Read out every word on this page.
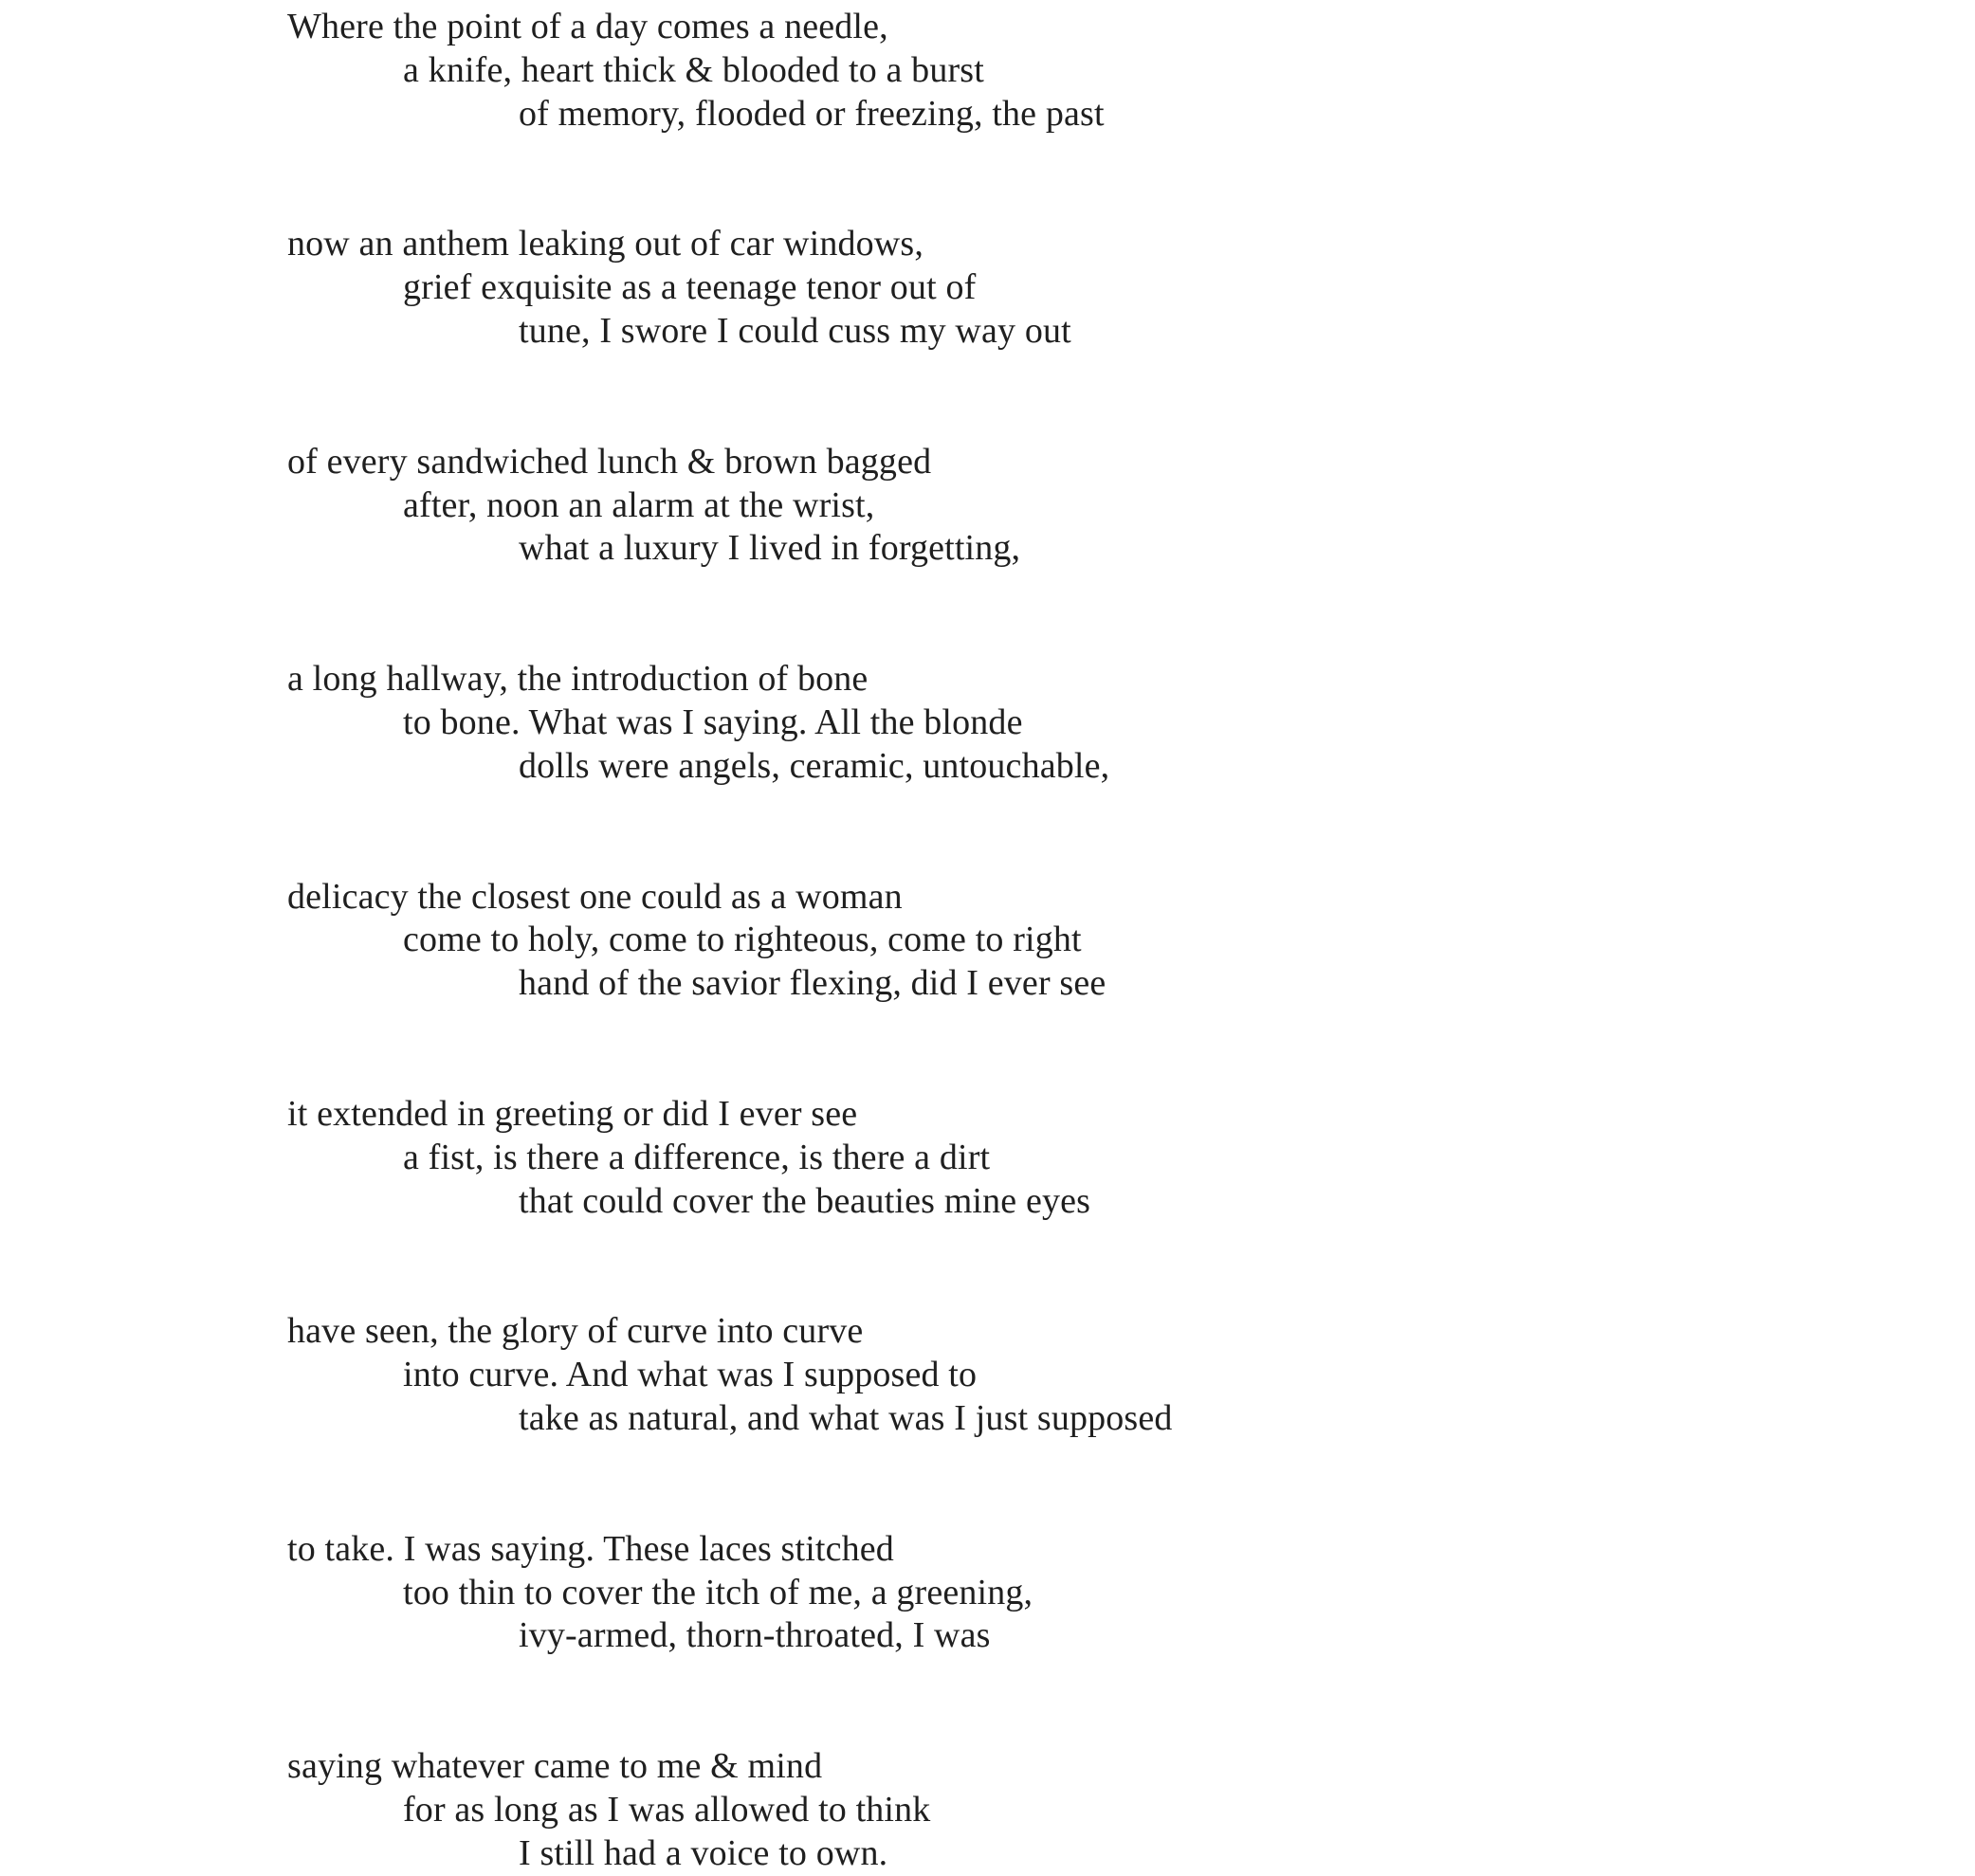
Where the point of a day comes a needle,
a knife, heart thick & blooded to a burst
of memory, flooded or freezing, the past
now an anthem leaking out of car windows,
grief exquisite as a teenage tenor out of
tune, I swore I could cuss my way out
of every sandwiched lunch & brown bagged
after, noon an alarm at the wrist,
what a luxury I lived in forgetting,
a long hallway, the introduction of bone
to bone. What was I saying. All the blonde
dolls were angels, ceramic, untouchable,
delicacy the closest one could as a woman
come to holy, come to righteous, come to right
hand of the savior flexing, did I ever see
it extended in greeting or did I ever see
a fist, is there a difference, is there a dirt
that could cover the beauties mine eyes
have seen, the glory of curve into curve
into curve. And what was I supposed to
take as natural, and what was I just supposed
to take. I was saying. These laces stitched
too thin to cover the itch of me, a greening,
ivy-armed, thorn-throated, I was
saying whatever came to me & mind
for as long as I was allowed to think
I still had a voice to own.
